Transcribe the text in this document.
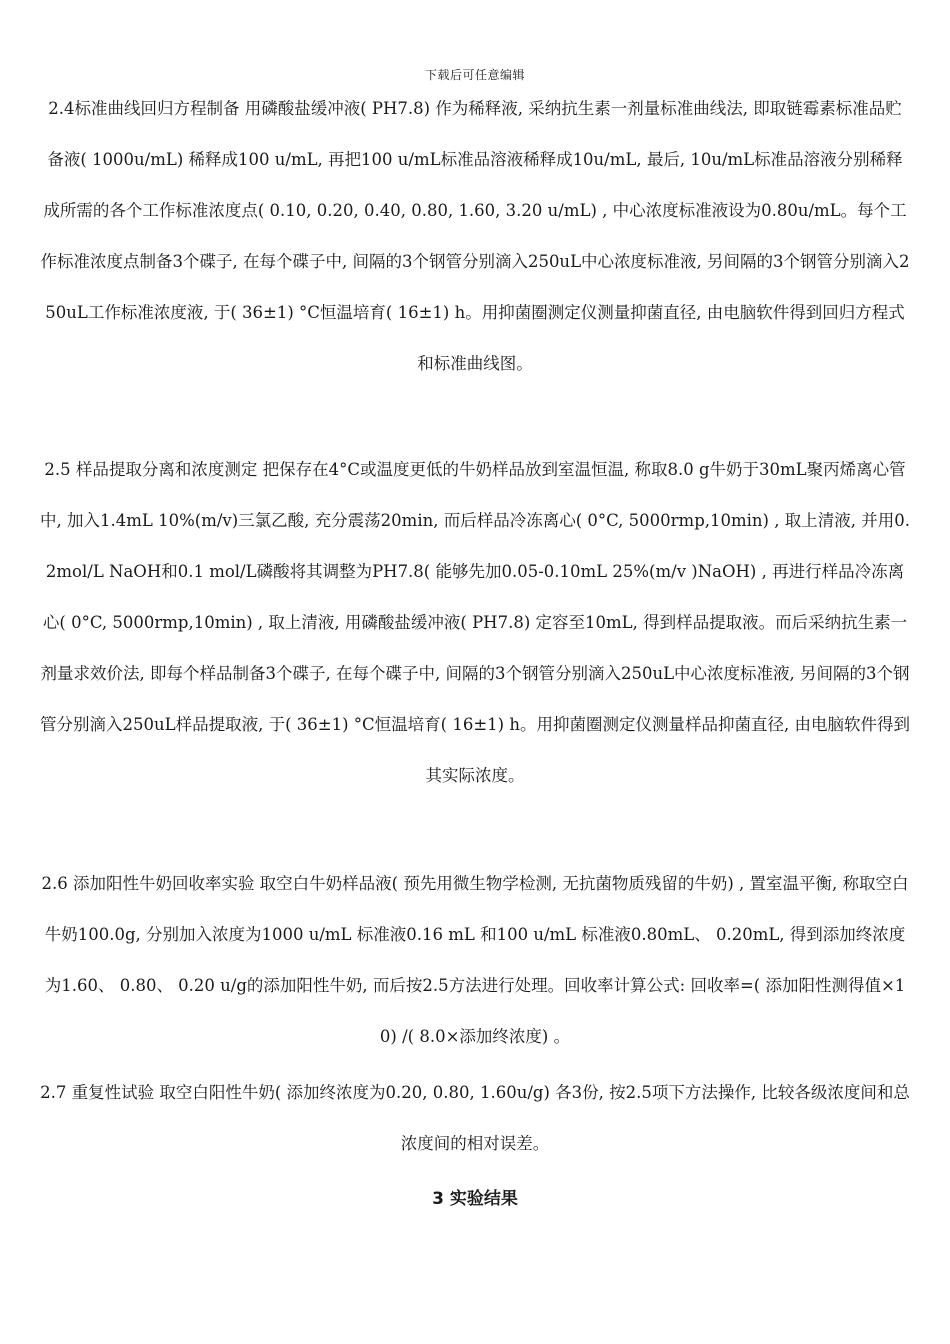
下载后可任意编辑

2.4标准曲线回归方程制备 用磷酸盐缓冲液( PH7.8) 作为稀释液, 采纳抗生素一剂量标准曲线法, 即取链霉素标准品贮备液( 1000u/mL) 稀释成100 u/mL, 再把100 u/mL标准品溶液稀释成10u/mL, 最后, 10u/mL标准品溶液分别稀释成所需的各个工作标准浓度点( 0.10, 0.20, 0.40, 0.80, 1.60, 3.20 u/mL) , 中心浓度标准液设为0.80u/mL。每个工作标准浓度点制备3个碟子, 在每个碟子中, 间隔的3个钢管分别滴入250uL中心浓度标准液, 另间隔的3个钢管分别滴入250uL工作标准浓度液, 于( 36±1) °C恒温培育( 16±1) h。用抑菌圈测定仪测量抑菌直径, 由电脑软件得到回归方程式和标准曲线图。

2.5 样品提取分离和浓度测定 把保存在4°C或温度更低的牛奶样品放到室温恒温, 称取8.0 g牛奶于30mL聚丙烯离心管中, 加入1.4mL 10%(m/v)三氯乙酸, 充分震荡20min, 而后样品冷冻离心( 0°C, 5000rmp,10min) , 取上清液, 并用0.2mol/L NaOH和0.1 mol/L磷酸将其调整为PH7.8( 能够先加0.05-0.10mL 25%(m/v )NaOH) , 再进行样品冷冻离心( 0°C, 5000rmp,10min) , 取上清液, 用磷酸盐缓冲液( PH7.8) 定容至10mL, 得到样品提取液。而后采纳抗生素一剂量求效价法, 即每个样品制备3个碟子, 在每个碟子中, 间隔的3个钢管分别滴入250uL中心浓度标准液, 另间隔的3个钢管分别滴入250uL样品提取液, 于( 36±1) °C恒温培育( 16±1) h。用抑菌圈测定仪测量样品抑菌直径, 由电脑软件得到其实际浓度。

2.6 添加阳性牛奶回收率实验 取空白牛奶样品液( 预先用微生物学检测, 无抗菌物质残留的牛奶) , 置室温平衡, 称取空白牛奶100.0g, 分别加入浓度为1000 u/mL 标准液0.16 mL 和100 u/mL 标准液0.80mL、 0.20mL, 得到添加终浓度为1.60、 0.80、 0.20 u/g的添加阳性牛奶, 而后按2.5方法进行处理。回收率计算公式: 回收率=( 添加阳性测得值×10) /( 8.0×添加终浓度) 。

2.7 重复性试验 取空白阳性牛奶( 添加终浓度为0.20, 0.80, 1.60u/g) 各3份, 按2.5项下方法操作, 比较各级浓度间和总浓度间的相对误差。

3 实验结果
